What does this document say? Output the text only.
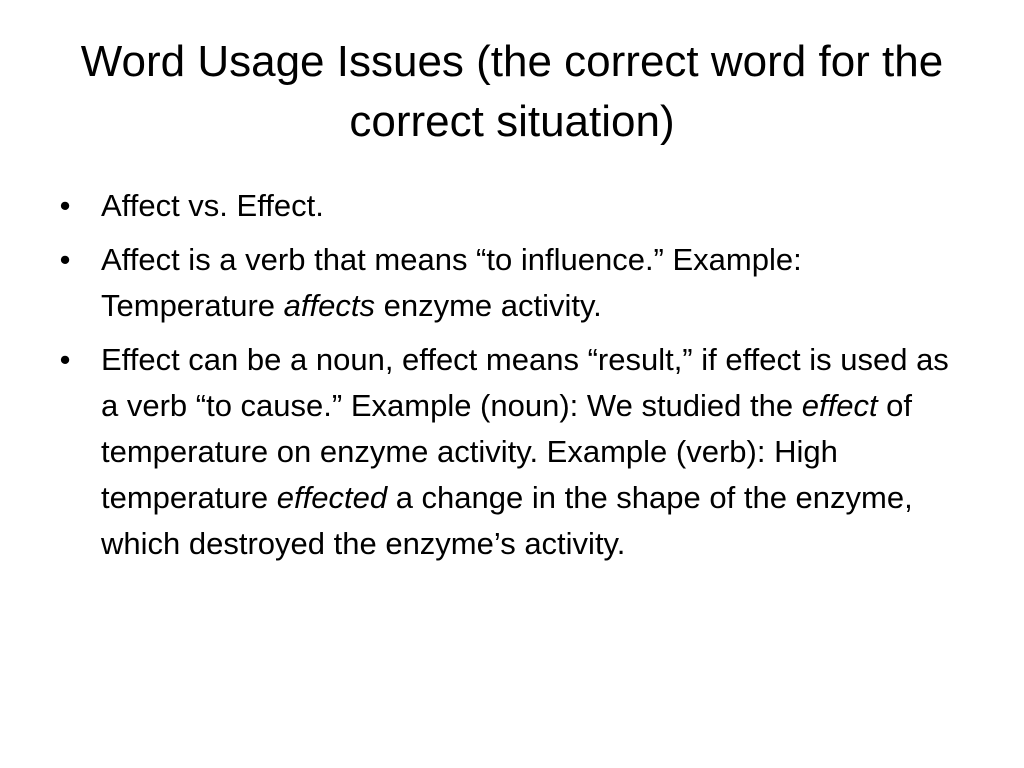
Word Usage Issues (the correct word for the correct situation)
• Affect vs. Effect.
• Affect is a verb that means “to influence.” Example: Temperature affects enzyme activity.
• Effect can be a noun, effect means “result,” if effect is used as a verb “to cause.” Example (noun): We studied the effect of temperature on enzyme activity. Example (verb): High temperature effected a change in the shape of the enzyme, which destroyed the enzyme’s activity.
